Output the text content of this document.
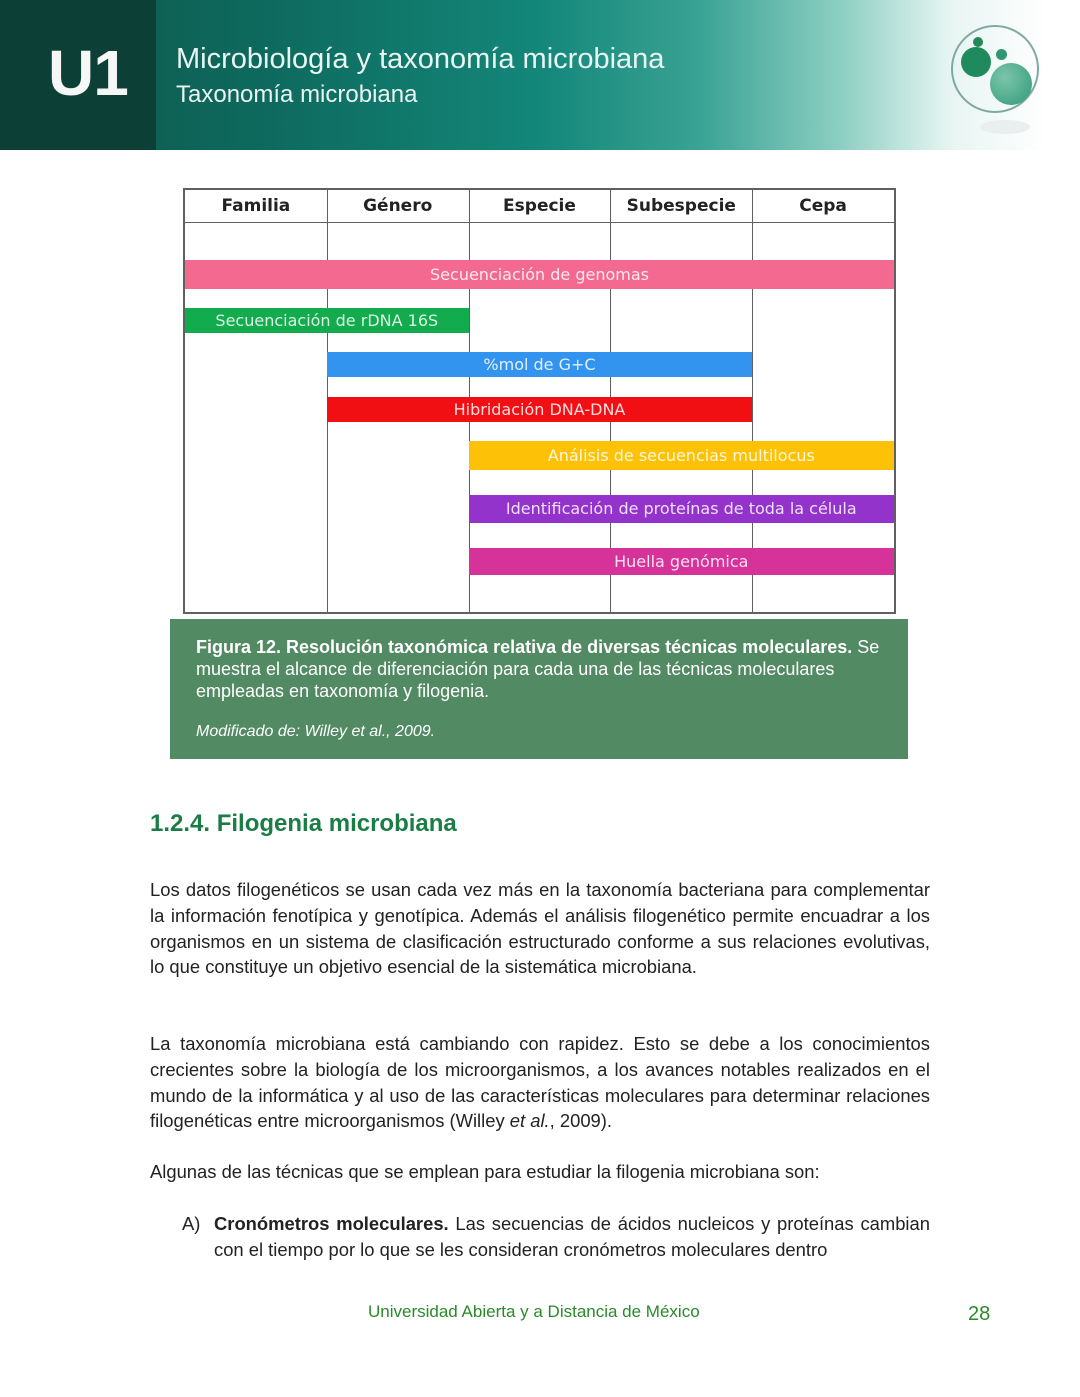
U1 Microbiología y taxonomía microbiana
Taxonomía microbiana
Familia	Género	Especie	Subespecie	Cepa
Secuenciación de genomas
Secuenciación de rDNA 16S
%mol de G+C
Hibridación DNA-DNA
Análisis de secuencias multilocus
Identificación de proteínas de toda la célula
Huella genómica

Figura 12. Resolución taxonómica relativa de diversas técnicas moleculares. Se muestra el alcance de diferenciación para cada una de las técnicas moleculares empleadas en taxonomía y filogenia.

Modificado de: Willey et al., 2009.

1.2.4. Filogenia microbiana

Los datos filogenéticos se usan cada vez más en la taxonomía bacteriana para complementar la información fenotípica y genotípica. Además el análisis filogenético permite encuadrar a los organismos en un sistema de clasificación estructurado conforme a sus relaciones evolutivas, lo que constituye un objetivo esencial de la sistemática microbiana.

La taxonomía microbiana está cambiando con rapidez. Esto se debe a los conocimientos crecientes sobre la biología de los microorganismos, a los avances notables realizados en el mundo de la informática y al uso de las características moleculares para determinar relaciones filogenéticas entre microorganismos (Willey et al., 2009).

Algunas de las técnicas que se emplean para estudiar la filogenia microbiana son:

A) Cronómetros moleculares. Las secuencias de ácidos nucleicos y proteínas cambian con el tiempo por lo que se les consideran cronómetros moleculares dentro
Universidad Abierta y a Distancia de México	28
